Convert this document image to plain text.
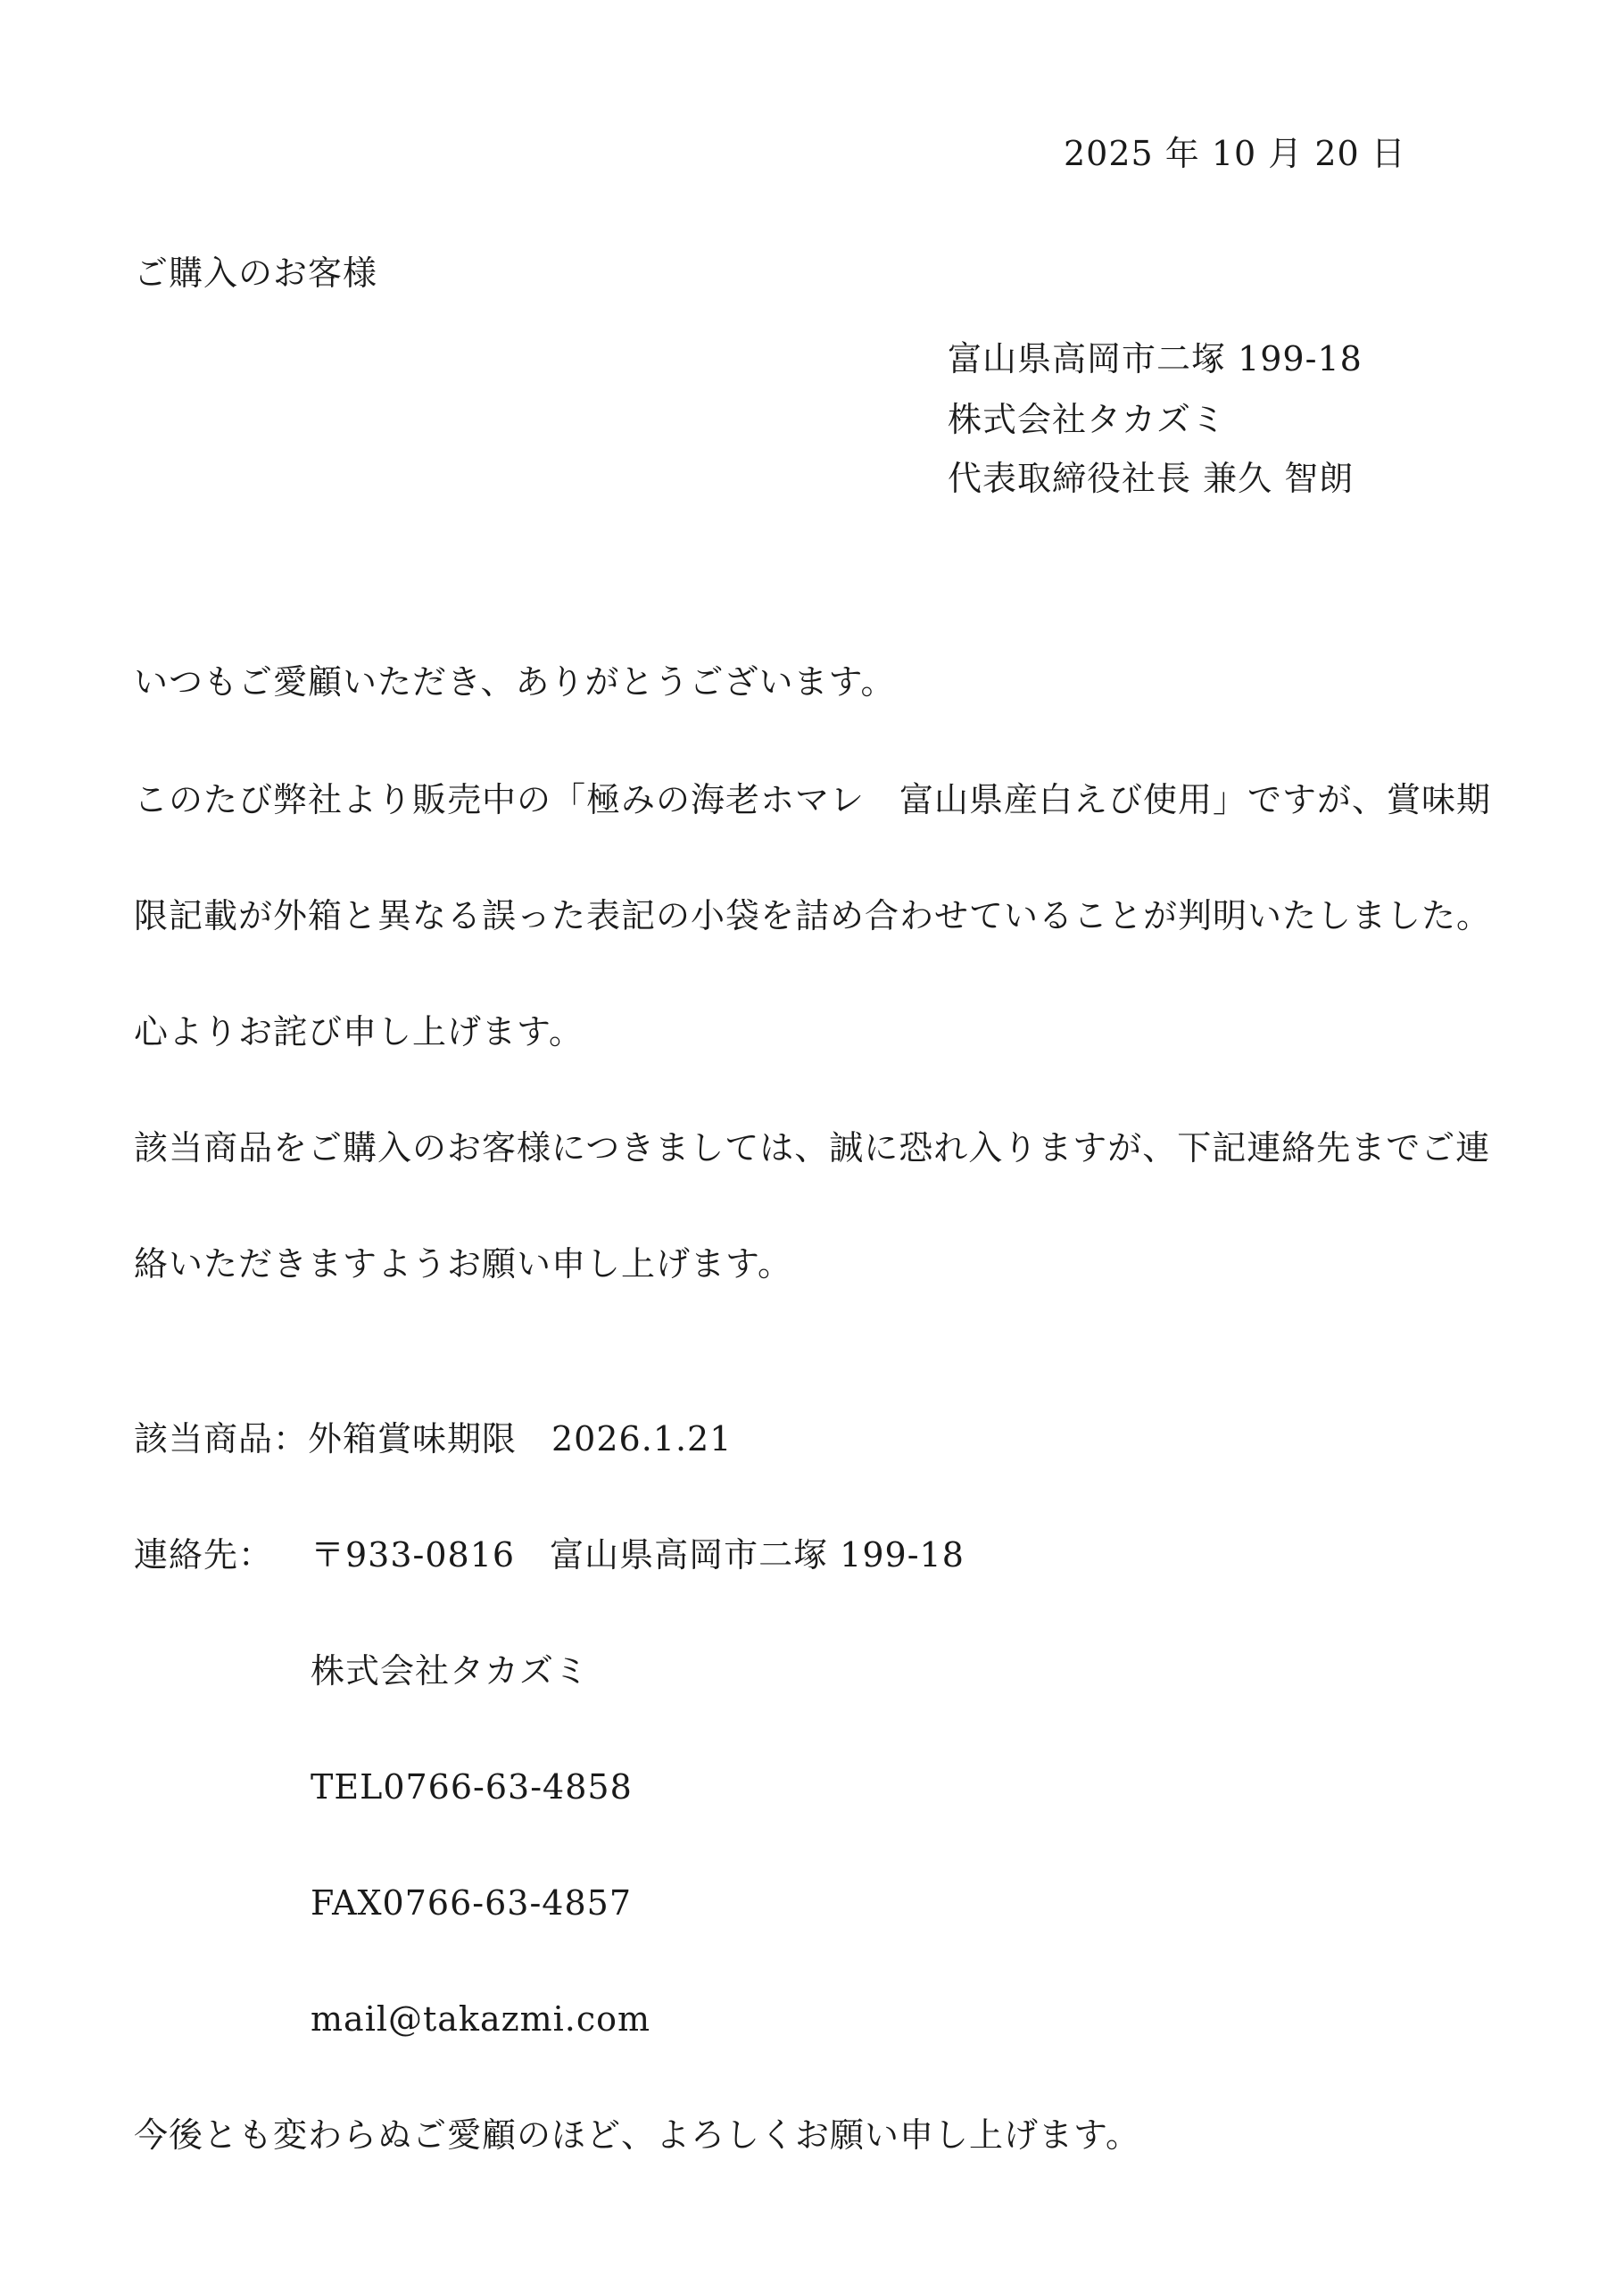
2025 年 10 月 20 日
ご購入のお客様
富山県高岡市二塚 199-18
株式会社タカズミ
代表取締役社長 兼久 智朗
いつもご愛顧いただき、ありがとうございます。
このたび弊社より販売中の「極みの海老ホマレ　富山県産白えび使用」ですが、賞味期
限記載が外箱と異なる誤った表記の小袋を詰め合わせていることが判明いたしました。
心よりお詫び申し上げます。
該当商品をご購入のお客様につきましては、誠に恐れ入りますが、下記連絡先までご連
絡いただきますようお願い申し上げます。
該当商品：外箱賞味期限　2026.1.21
連絡先： 〒933-0816　富山県高岡市二塚 199-18
株式会社タカズミ
TEL0766-63-4858
FAX0766-63-4857
mail@takazmi.com
今後とも変わらぬご愛顧のほど、よろしくお願い申し上げます。
